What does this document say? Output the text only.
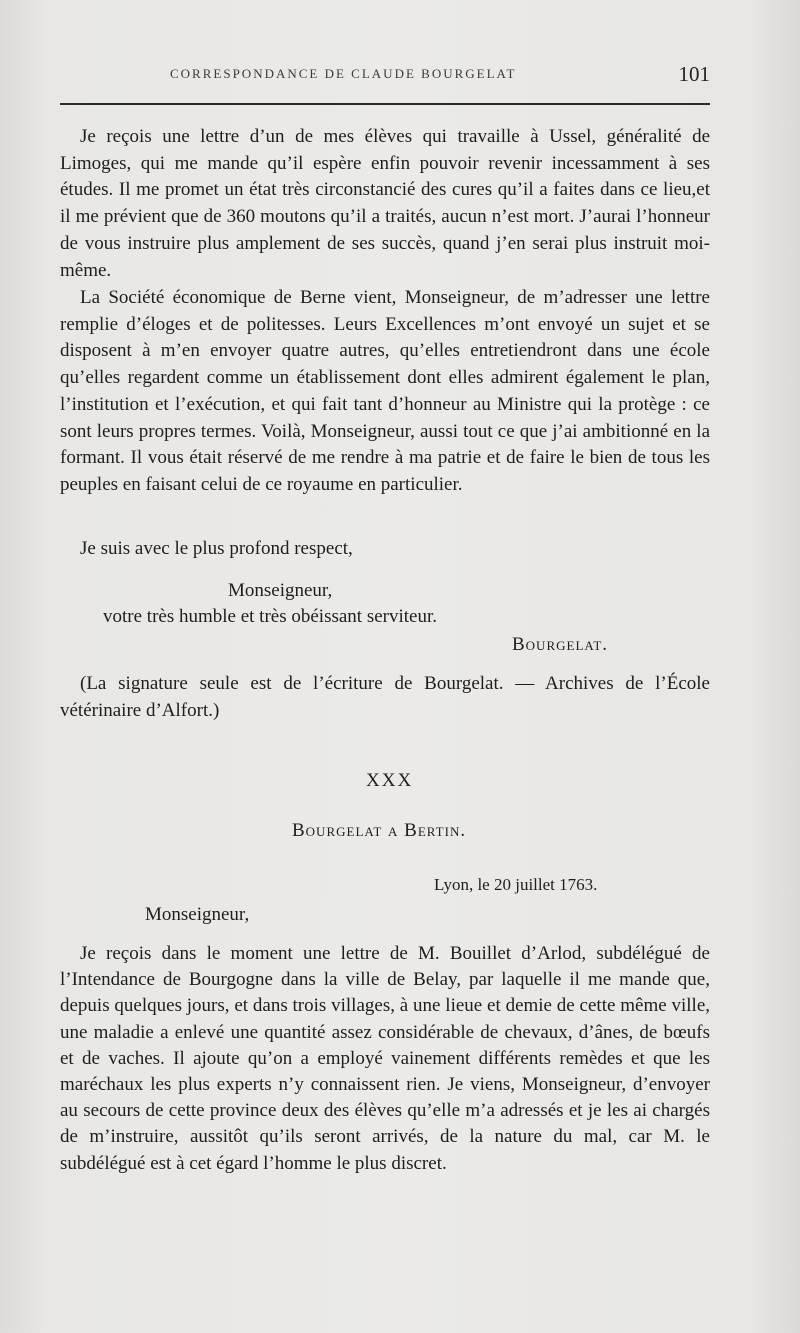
CORRESPONDANCE DE CLAUDE BOURGELAT	101

Je reçois une lettre d’un de mes élèves qui travaille à Ussel, généralité de Limoges, qui me mande qu’il espère enfin pouvoir revenir incessamment à ses études. Il me promet un état très circonstancié des cures qu’il a faites dans ce lieu,et il me prévient que de 360 moutons qu’il a traités, aucun n’est mort. J’aurai l’honneur de vous instruire plus amplement de ses succès, quand j’en serai plus instruit moi-même.

La Société économique de Berne vient, Monseigneur, de m’adresser une lettre remplie d’éloges et de politesses. Leurs Excellences m’ont envoyé un sujet et se disposent à m’en envoyer quatre autres, qu’elles entretiendront dans une école qu’elles regardent comme un établissement dont elles admirent également le plan, l’institution et l’exécution, et qui fait tant d’honneur au Ministre qui la protège : ce sont leurs propres termes. Voilà, Monseigneur, aussi tout ce que j’ai ambitionné en la formant. Il vous était réservé de me rendre à ma patrie et de faire le bien de tous les peuples en faisant celui de ce royaume en particulier.

Je suis avec le plus profond respect,

Monseigneur,

votre très humble et très obéissant serviteur.

Bourgelat.

(La signature seule est de l’écriture de Bourgelat. — Archives de l’École vétérinaire d’Alfort.)

XXX

Bourgelat a Bertin.

Lyon, le 20 juillet 1763.

Monseigneur,

Je reçois dans le moment une lettre de M. Bouillet d’Arlod, subdélégué de l’Intendance de Bourgogne dans la ville de Belay, par laquelle il me mande que, depuis quelques jours, et dans trois villages, à une lieue et demie de cette même ville, une maladie a enlevé une quantité assez considérable de chevaux, d’ânes, de bœufs et de vaches. Il ajoute qu’on a employé vainement différents remèdes et que les maréchaux les plus experts n’y connaissent rien. Je viens, Monseigneur, d’envoyer au secours de cette province deux des élèves qu’elle m’a adressés et je les ai chargés de m’instruire, aussitôt qu’ils seront arrivés, de la nature du mal, car M. le subdélégué est à cet égard l’homme le plus discret.
